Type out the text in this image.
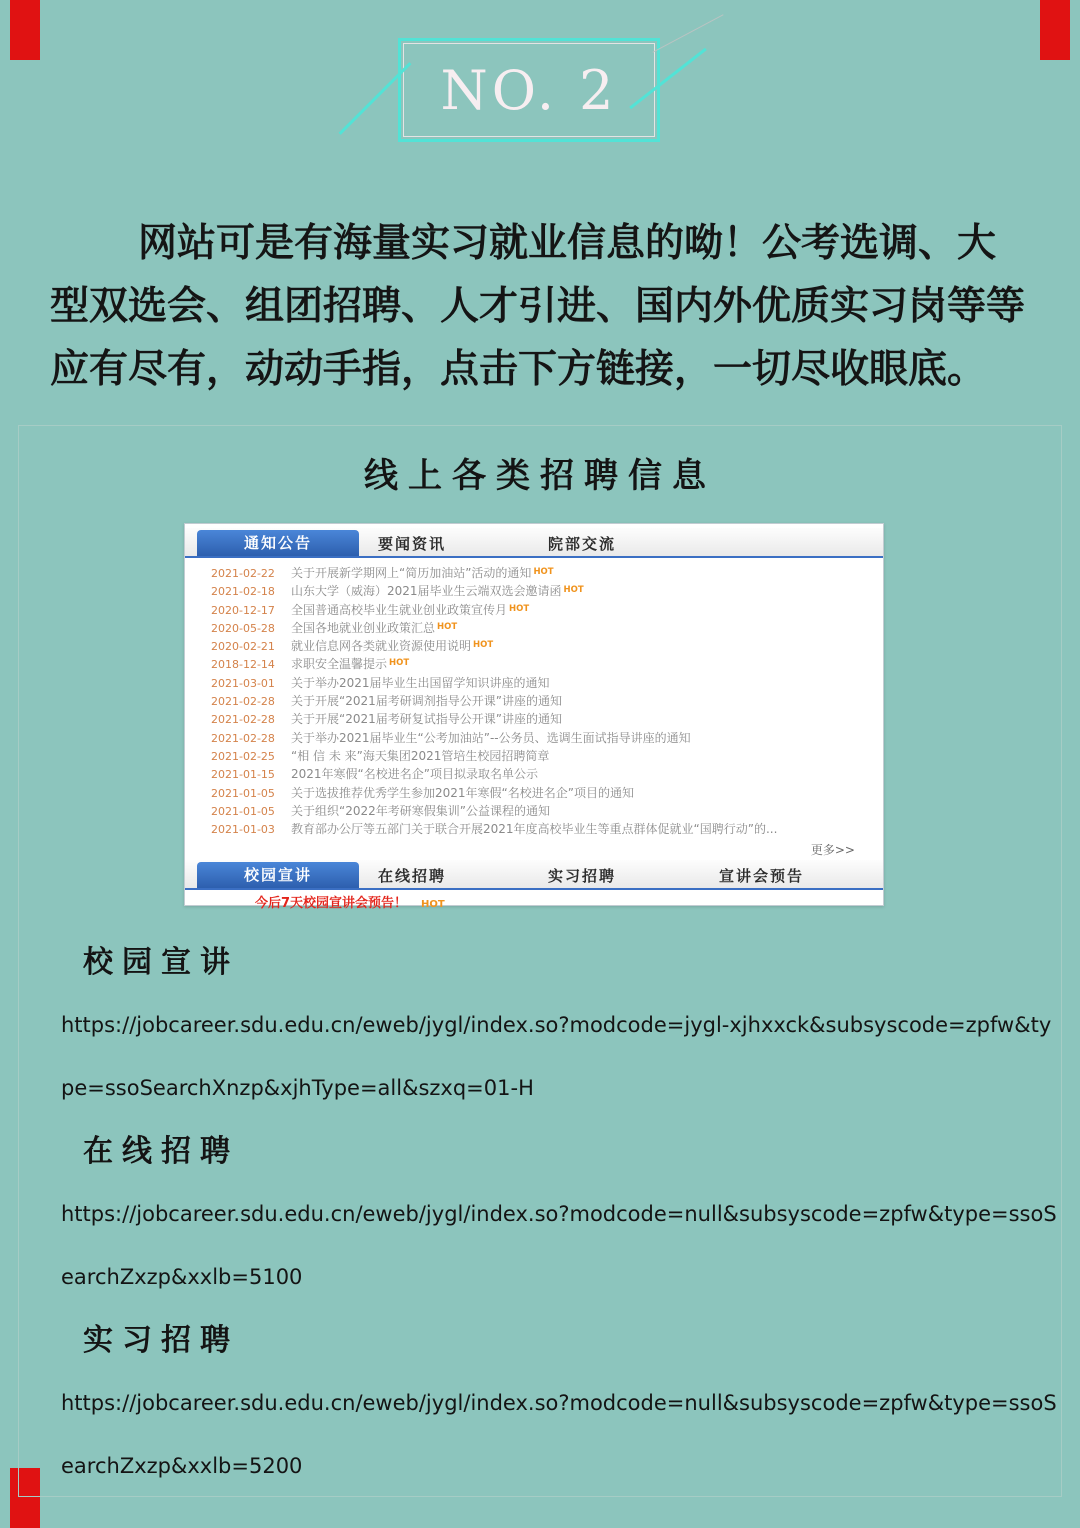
NO. 2
网站可是有海量实习就业信息的呦！公考选调、大
型双选会、组团招聘、人才引进、国内外优质实习岗等等
应有尽有，动动手指，点击下方链接，一切尽收眼底。
线上各类招聘信息
通知公告	要闻资讯	院部交流
2021-02-22	关于开展新学期网上“简历加油站”活动的通知 HOT
2021-02-18	山东大学（威海）2021届毕业生云端双选会邀请函 HOT
2020-12-17	全国普通高校毕业生就业创业政策宣传月 HOT
2020-05-28	全国各地就业创业政策汇总 HOT
2020-02-21	就业信息网各类就业资源使用说明 HOT
2018-12-14	求职安全温馨提示 HOT
2021-03-01	关于举办2021届毕业生出国留学知识讲座的通知
2021-02-28	关于开展“2021届考研调剂指导公开课”讲座的通知
2021-02-28	关于开展“2021届考研复试指导公开课”讲座的通知
2021-02-28	关于举办2021届毕业生“公考加油站”--公务员、选调生面试指导讲座的通知
2021-02-25	“相 信 未 来”海天集团2021管培生校园招聘简章
2021-01-15	2021年寒假“名校进名企”项目拟录取名单公示
2021-01-05	关于选拔推荐优秀学生参加2021年寒假“名校进名企”项目的通知
2021-01-05	关于组织“2022年考研寒假集训”公益课程的通知
2021-01-03	教育部办公厅等五部门关于联合开展2021年度高校毕业生等重点群体促就业“国聘行动”的...
更多>>
校园宣讲	在线招聘	实习招聘	宣讲会预告
今后7天校园宣讲会预告！ HOT
校园宣讲
https://jobcareer.sdu.edu.cn/eweb/jygl/index.so?modcode=jygl-xjhxxck&subsyscode=zpfw&ty
pe=ssoSearchXnzp&xjhType=all&szxq=01-H
在线招聘
https://jobcareer.sdu.edu.cn/eweb/jygl/index.so?modcode=null&subsyscode=zpfw&type=ssoS
earchZxzp&xxlb=5100
实习招聘
https://jobcareer.sdu.edu.cn/eweb/jygl/index.so?modcode=null&subsyscode=zpfw&type=ssoS
earchZxzp&xxlb=5200
